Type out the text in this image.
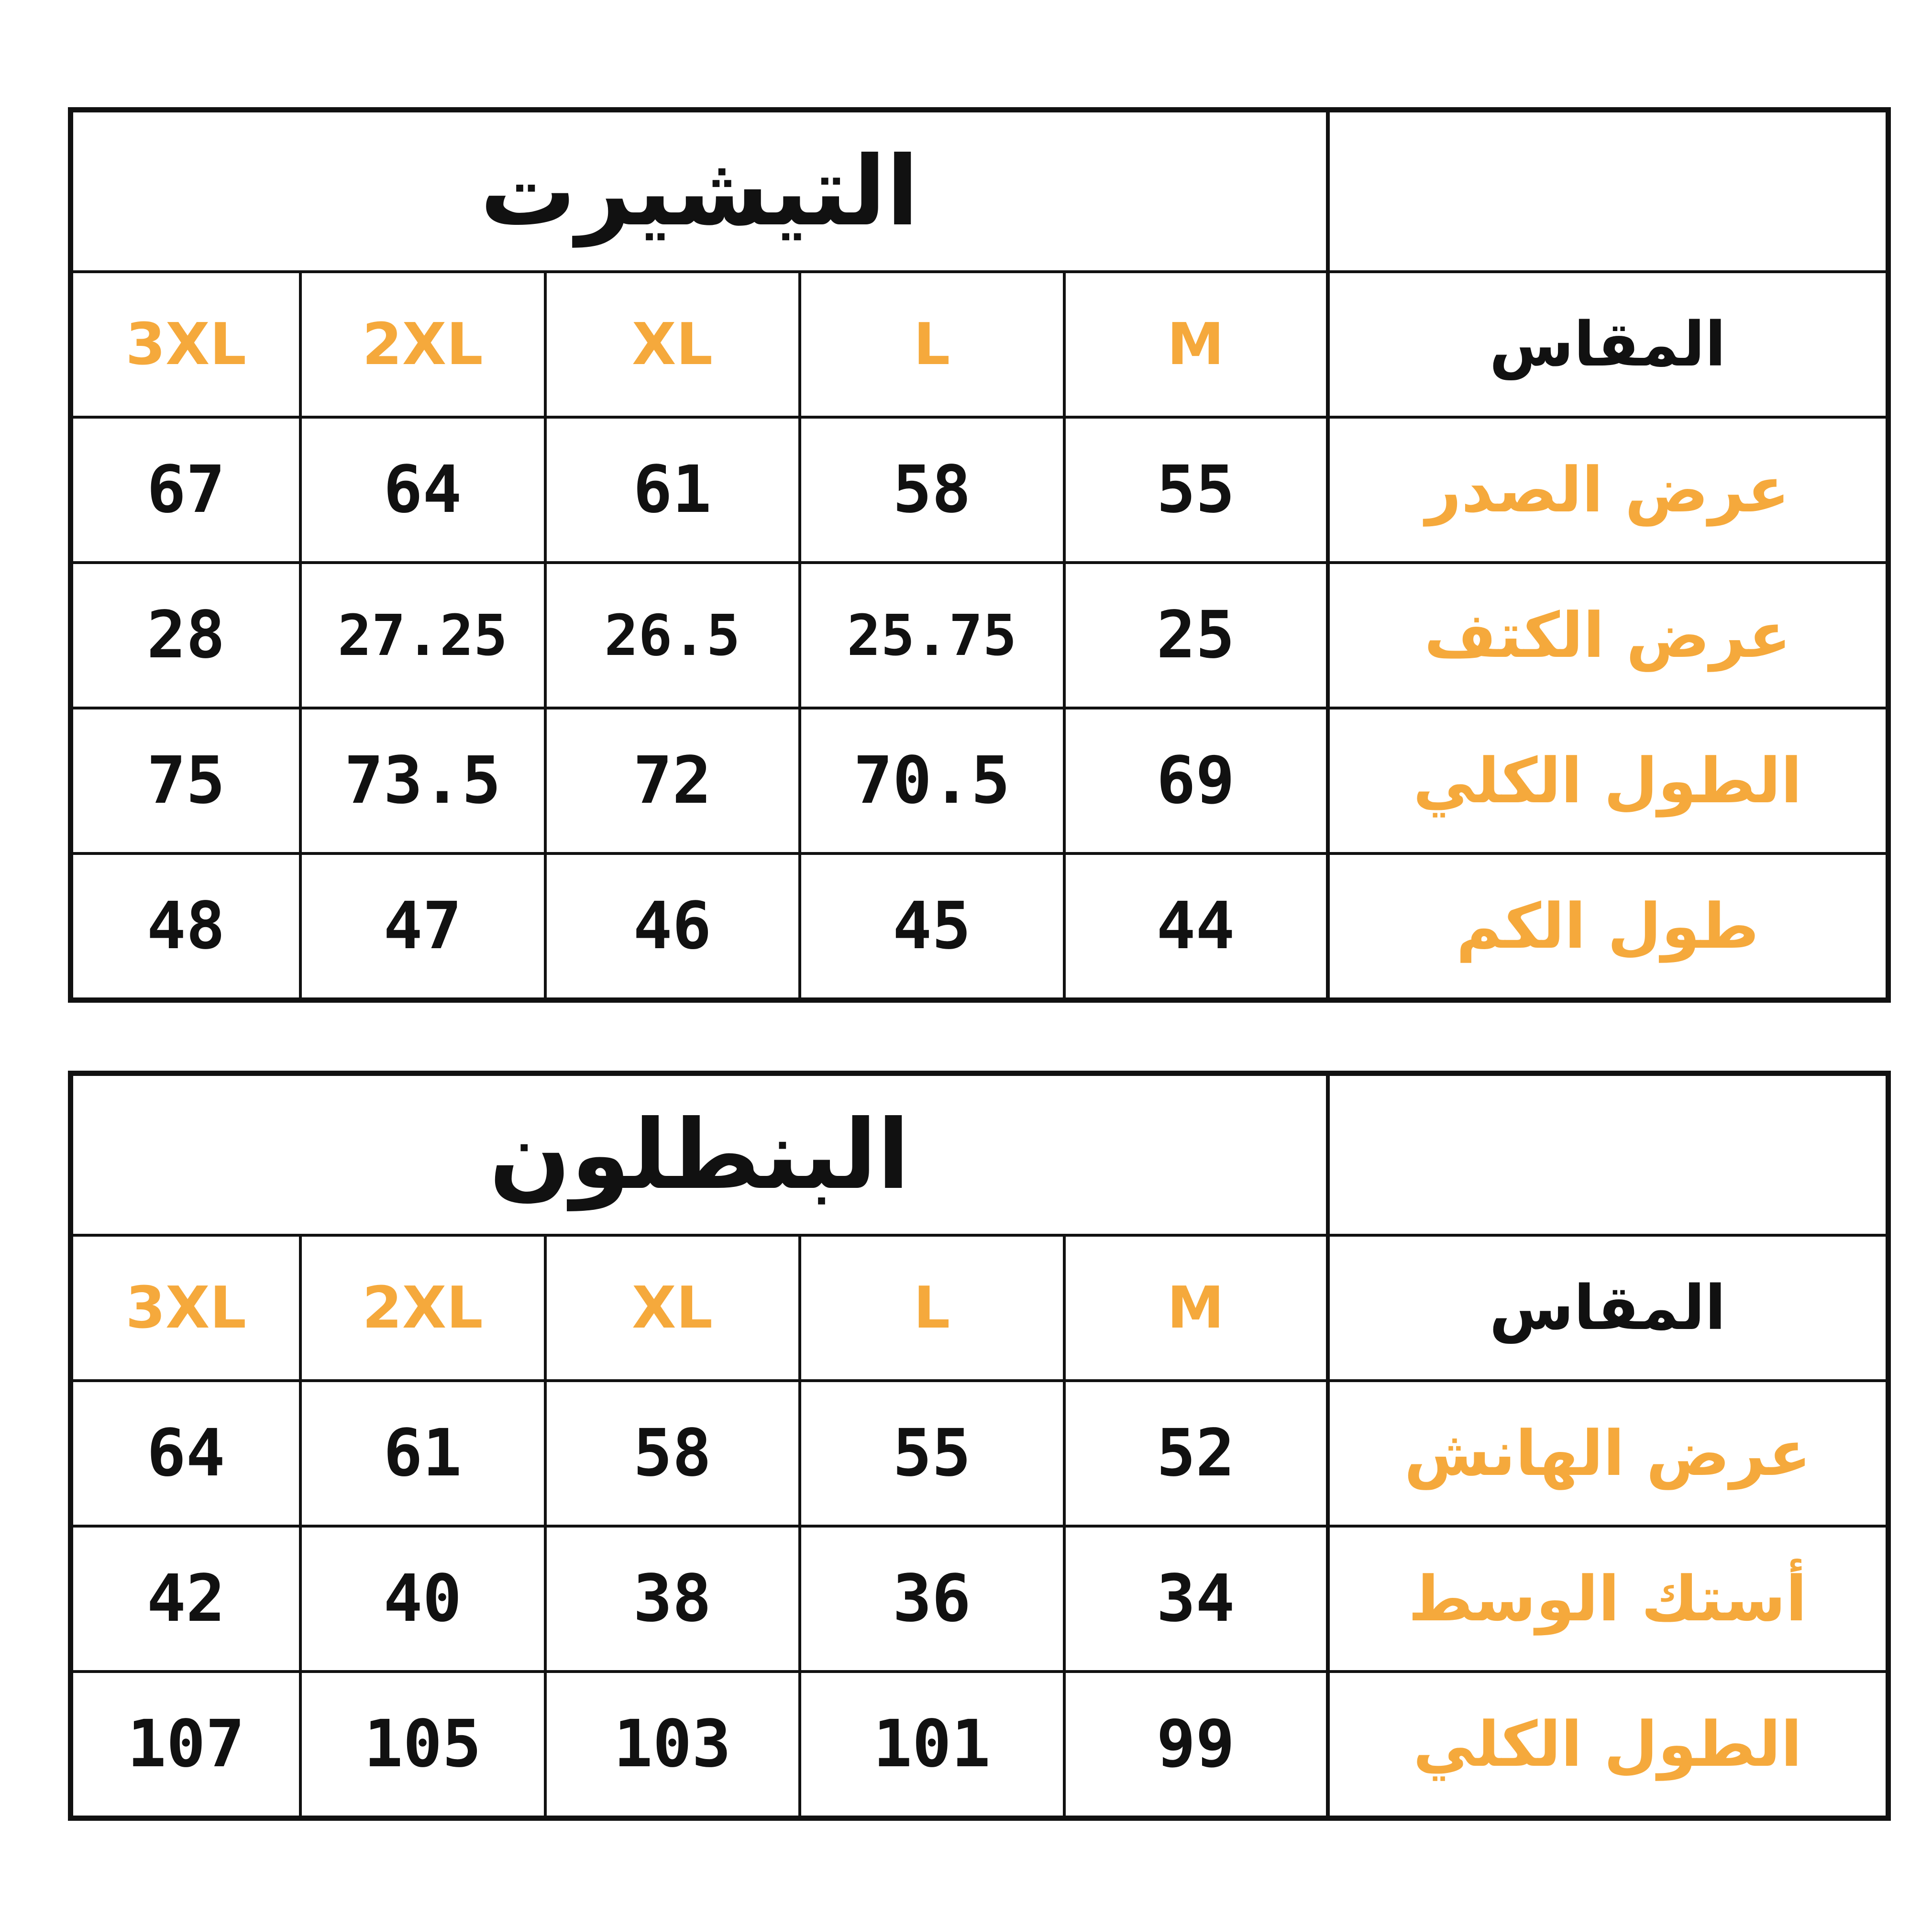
التيشيرت					
3XL	2XL	XL	L	M	المقاس
67	64	61	58	55	عرض الصدر
28	27.25	26.5	25.75	25	عرض الكتف
75	73.5	72	70.5	69	الطول الكلي
48	47	46	45	44	طول الكم
البنطلون					
3XL	2XL	XL	L	M	المقاس
64	61	58	55	52	عرض الهانش
42	40	38	36	34	أستك الوسط
107	105	103	101	99	الطول الكلي
